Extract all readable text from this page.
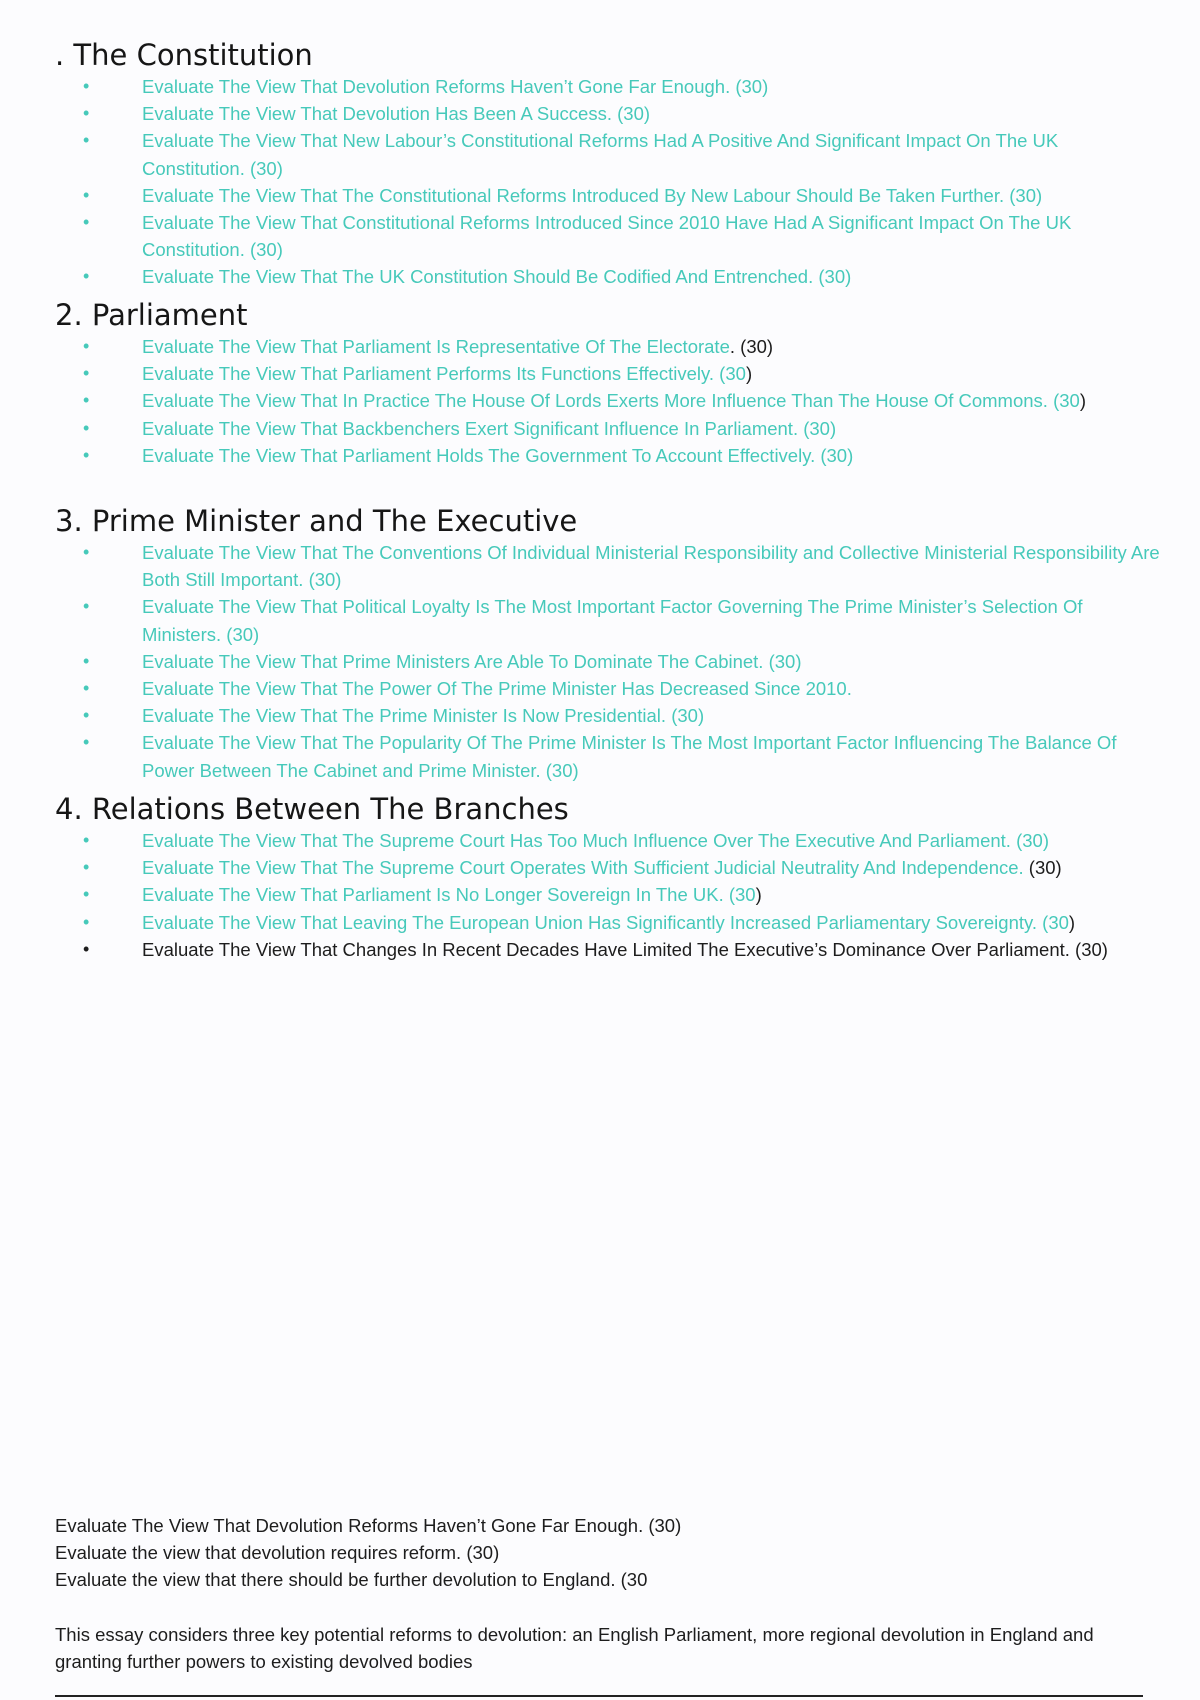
. The Constitution
• Evaluate The View That Devolution Reforms Haven’t Gone Far Enough. (30)
• Evaluate The View That Devolution Has Been A Success. (30)
• Evaluate The View That New Labour’s Constitutional Reforms Had A Positive And Significant Impact On The UK Constitution. (30)
• Evaluate The View That The Constitutional Reforms Introduced By New Labour Should Be Taken Further. (30)
• Evaluate The View That Constitutional Reforms Introduced Since 2010 Have Had A Significant Impact On The UK Constitution. (30)
• Evaluate The View That The UK Constitution Should Be Codified And Entrenched. (30)
2. Parliament
• Evaluate The View That Parliament Is Representative Of The Electorate. (30)
• Evaluate The View That Parliament Performs Its Functions Effectively. (30)
• Evaluate The View That In Practice The House Of Lords Exerts More Influence Than The House Of Commons. (30)
• Evaluate The View That Backbenchers Exert Significant Influence In Parliament. (30)
• Evaluate The View That Parliament Holds The Government To Account Effectively. (30)
3. Prime Minister and The Executive
• Evaluate The View That The Conventions Of Individual Ministerial Responsibility and Collective Ministerial Responsibility Are Both Still Important. (30)
• Evaluate The View That Political Loyalty Is The Most Important Factor Governing The Prime Minister’s Selection Of Ministers. (30)
• Evaluate The View That Prime Ministers Are Able To Dominate The Cabinet. (30)
• Evaluate The View That The Power Of The Prime Minister Has Decreased Since 2010.
• Evaluate The View That The Prime Minister Is Now Presidential. (30)
• Evaluate The View That The Popularity Of The Prime Minister Is The Most Important Factor Influencing The Balance Of Power Between The Cabinet and Prime Minister. (30)
4. Relations Between The Branches
• Evaluate The View That The Supreme Court Has Too Much Influence Over The Executive And Parliament. (30)
• Evaluate The View That The Supreme Court Operates With Sufficient Judicial Neutrality And Independence. (30)
• Evaluate The View That Parliament Is No Longer Sovereign In The UK. (30)
• Evaluate The View That Leaving The European Union Has Significantly Increased Parliamentary Sovereignty. (30)
• Evaluate The View That Changes In Recent Decades Have Limited The Executive’s Dominance Over Parliament. (30)
Evaluate The View That Devolution Reforms Haven’t Gone Far Enough. (30)
Evaluate the view that devolution requires reform. (30)
Evaluate the view that there should be further devolution to England. (30
This essay considers three key potential reforms to devolution: an English Parliament, more regional devolution in England and granting further powers to existing devolved bodies
